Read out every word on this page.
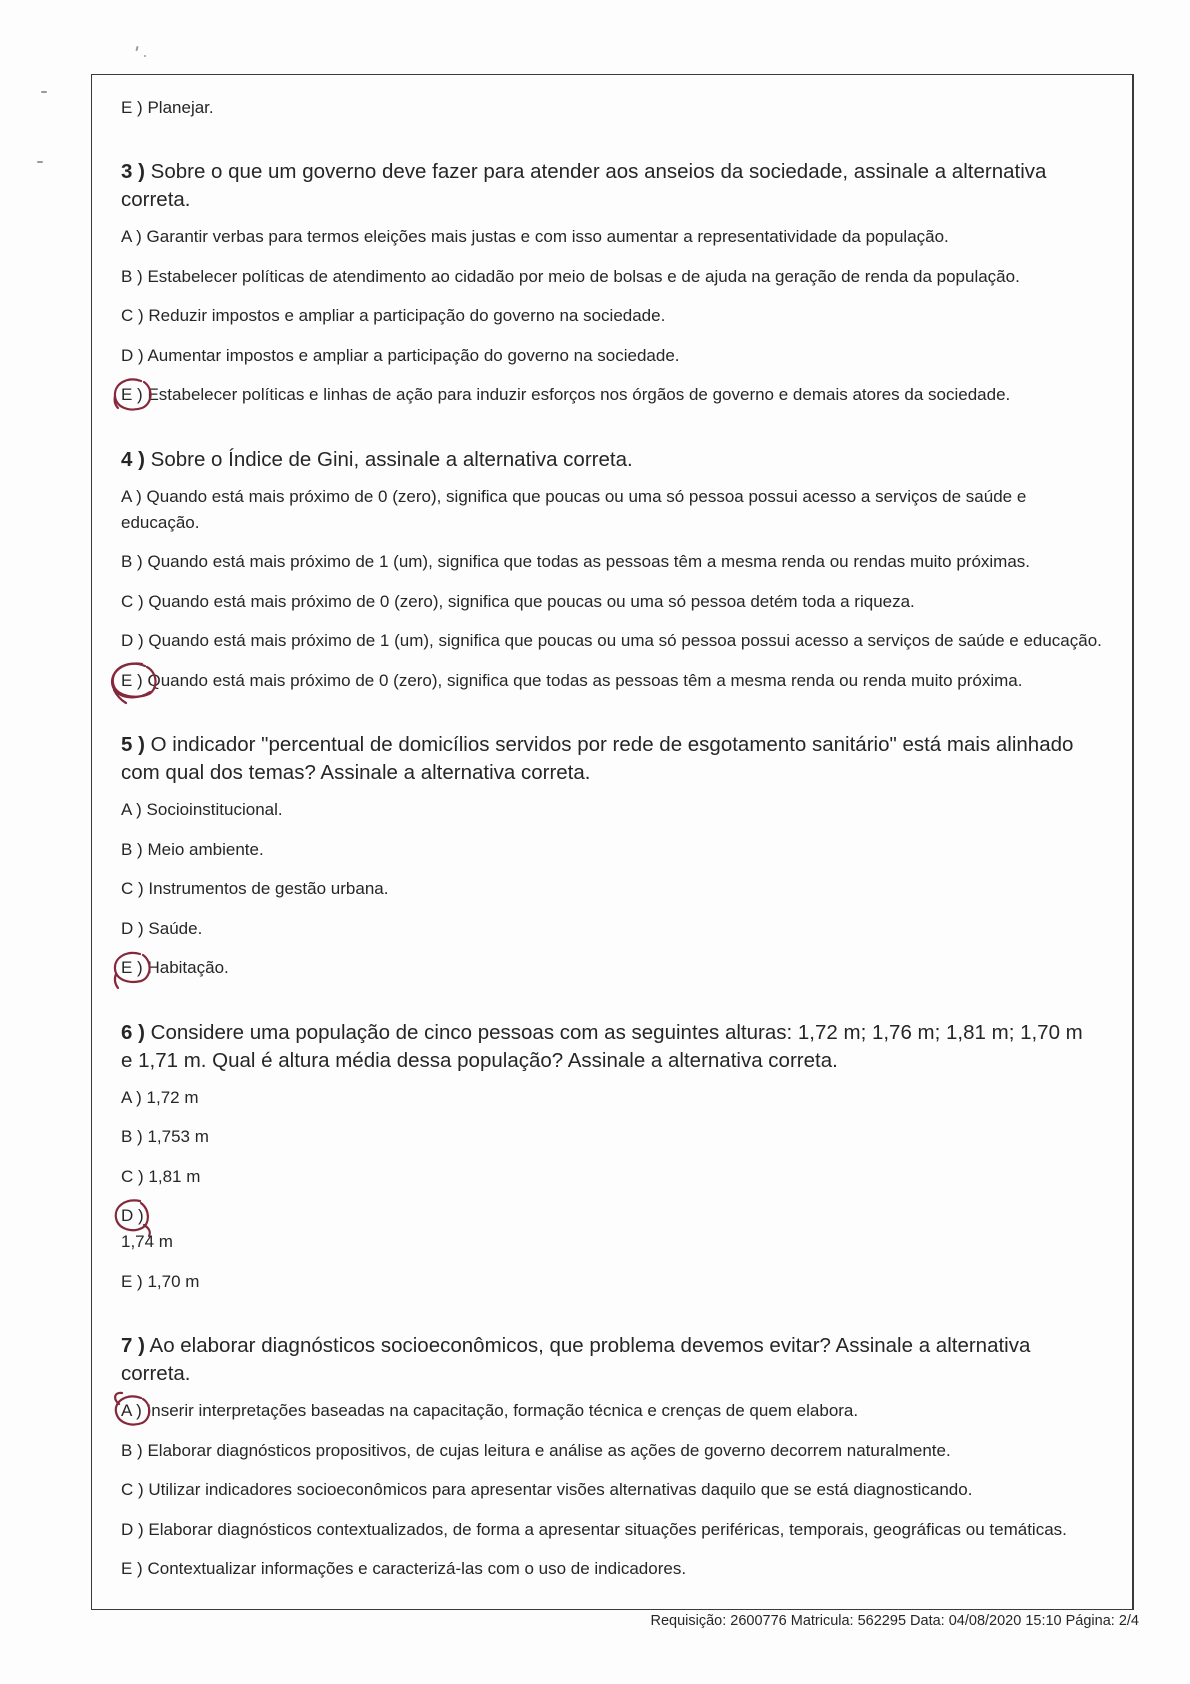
E ) Planejar.
3 ) Sobre o que um governo deve fazer para atender aos anseios da sociedade, assinale a alternativa correta.
A ) Garantir verbas para termos eleições mais justas e com isso aumentar a representatividade da população.
B ) Estabelecer políticas de atendimento ao cidadão por meio de bolsas e de ajuda na geração de renda da população.
C ) Reduzir impostos e ampliar a participação do governo na sociedade.
D ) Aumentar impostos e ampliar a participação do governo na sociedade.
E ) Estabelecer políticas e linhas de ação para induzir esforços nos órgãos de governo e demais atores da sociedade.
4 ) Sobre o Índice de Gini, assinale a alternativa correta.
A ) Quando está mais próximo de 0 (zero), significa que poucas ou uma só pessoa possui acesso a serviços de saúde e educação.
B ) Quando está mais próximo de 1 (um), significa que todas as pessoas têm a mesma renda ou rendas muito próximas.
C ) Quando está mais próximo de 0 (zero), significa que poucas ou uma só pessoa detém toda a riqueza.
D ) Quando está mais próximo de 1 (um), significa que poucas ou uma só pessoa possui acesso a serviços de saúde e educação.
E ) Quando está mais próximo de 0 (zero), significa que todas as pessoas têm a mesma renda ou renda muito próxima.
5 ) O indicador "percentual de domicílios servidos por rede de esgotamento sanitário" está mais alinhado com qual dos temas? Assinale a alternativa correta.
A ) Socioinstitucional.
B ) Meio ambiente.
C ) Instrumentos de gestão urbana.
D ) Saúde.
E ) Habitação.
6 ) Considere uma população de cinco pessoas com as seguintes alturas: 1,72 m; 1,76 m; 1,81 m; 1,70 m e 1,71 m. Qual é altura média dessa população? Assinale a alternativa correta.
A ) 1,72 m
B ) 1,753 m
C ) 1,81 m
D )
1,74 m
E ) 1,70 m
7 ) Ao elaborar diagnósticos socioeconômicos, que problema devemos evitar? Assinale a alternativa correta.
A ) Inserir interpretações baseadas na capacitação, formação técnica e crenças de quem elabora.
B ) Elaborar diagnósticos propositivos, de cujas leitura e análise as ações de governo decorrem naturalmente.
C ) Utilizar indicadores socioeconômicos para apresentar visões alternativas daquilo que se está diagnosticando.
D ) Elaborar diagnósticos contextualizados, de forma a apresentar situações periféricas, temporais, geográficas ou temáticas.
E ) Contextualizar informações e caracterizá-las com o uso de indicadores.
Requisição: 2600776 Matricula: 562295 Data: 04/08/2020 15:10 Página: 2/4
